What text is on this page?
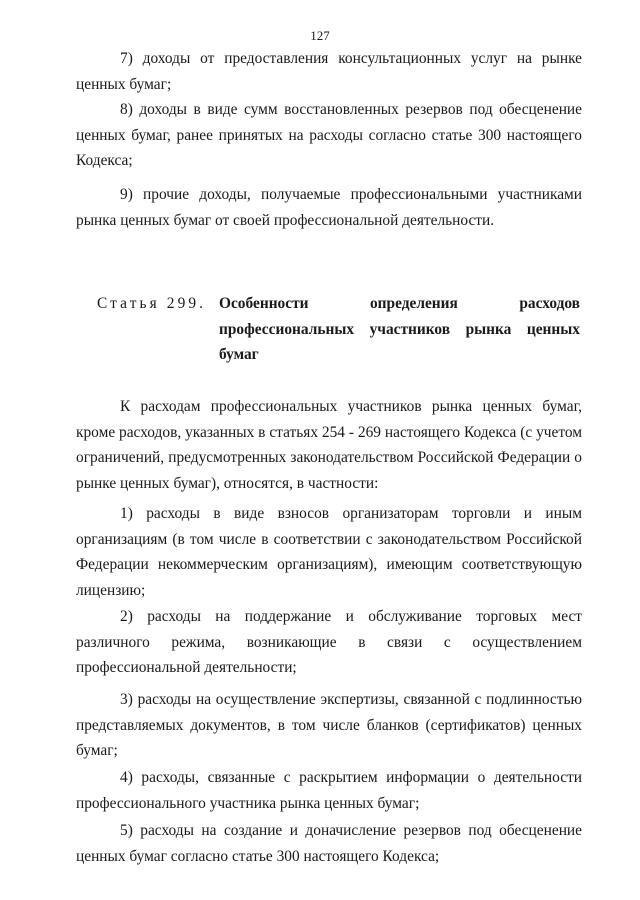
127

7) доходы от предоставления консультационных услуг на рынке ценных бумаг;

8) доходы в виде сумм восстановленных резервов под обесценение ценных бумаг, ранее принятых на расходы согласно статье 300 настоящего Кодекса;

9) прочие доходы, получаемые профессиональными участниками рынка ценных бумаг от своей профессиональной деятельности.

Статья 299. Особенности определения расходов профессиональных участников рынка ценных бумаг

К расходам профессиональных участников рынка ценных бумаг, кроме расходов, указанных в статьях 254 - 269 настоящего Кодекса (с учетом ограничений, предусмотренных законодательством Российской Федерации о рынке ценных бумаг), относятся, в частности:

1) расходы в виде взносов организаторам торговли и иным организациям (в том числе в соответствии с законодательством Российской Федерации некоммерческим организациям), имеющим соответствующую лицензию;

2) расходы на поддержание и обслуживание торговых мест различного режима, возникающие в связи с осуществлением профессиональной деятельности;

3) расходы на осуществление экспертизы, связанной с подлинностью представляемых документов, в том числе бланков (сертификатов) ценных бумаг;

4) расходы, связанные с раскрытием информации о деятельности профессионального участника рынка ценных бумаг;

5) расходы на создание и доначисление резервов под обесценение ценных бумаг согласно статье 300 настоящего Кодекса;
